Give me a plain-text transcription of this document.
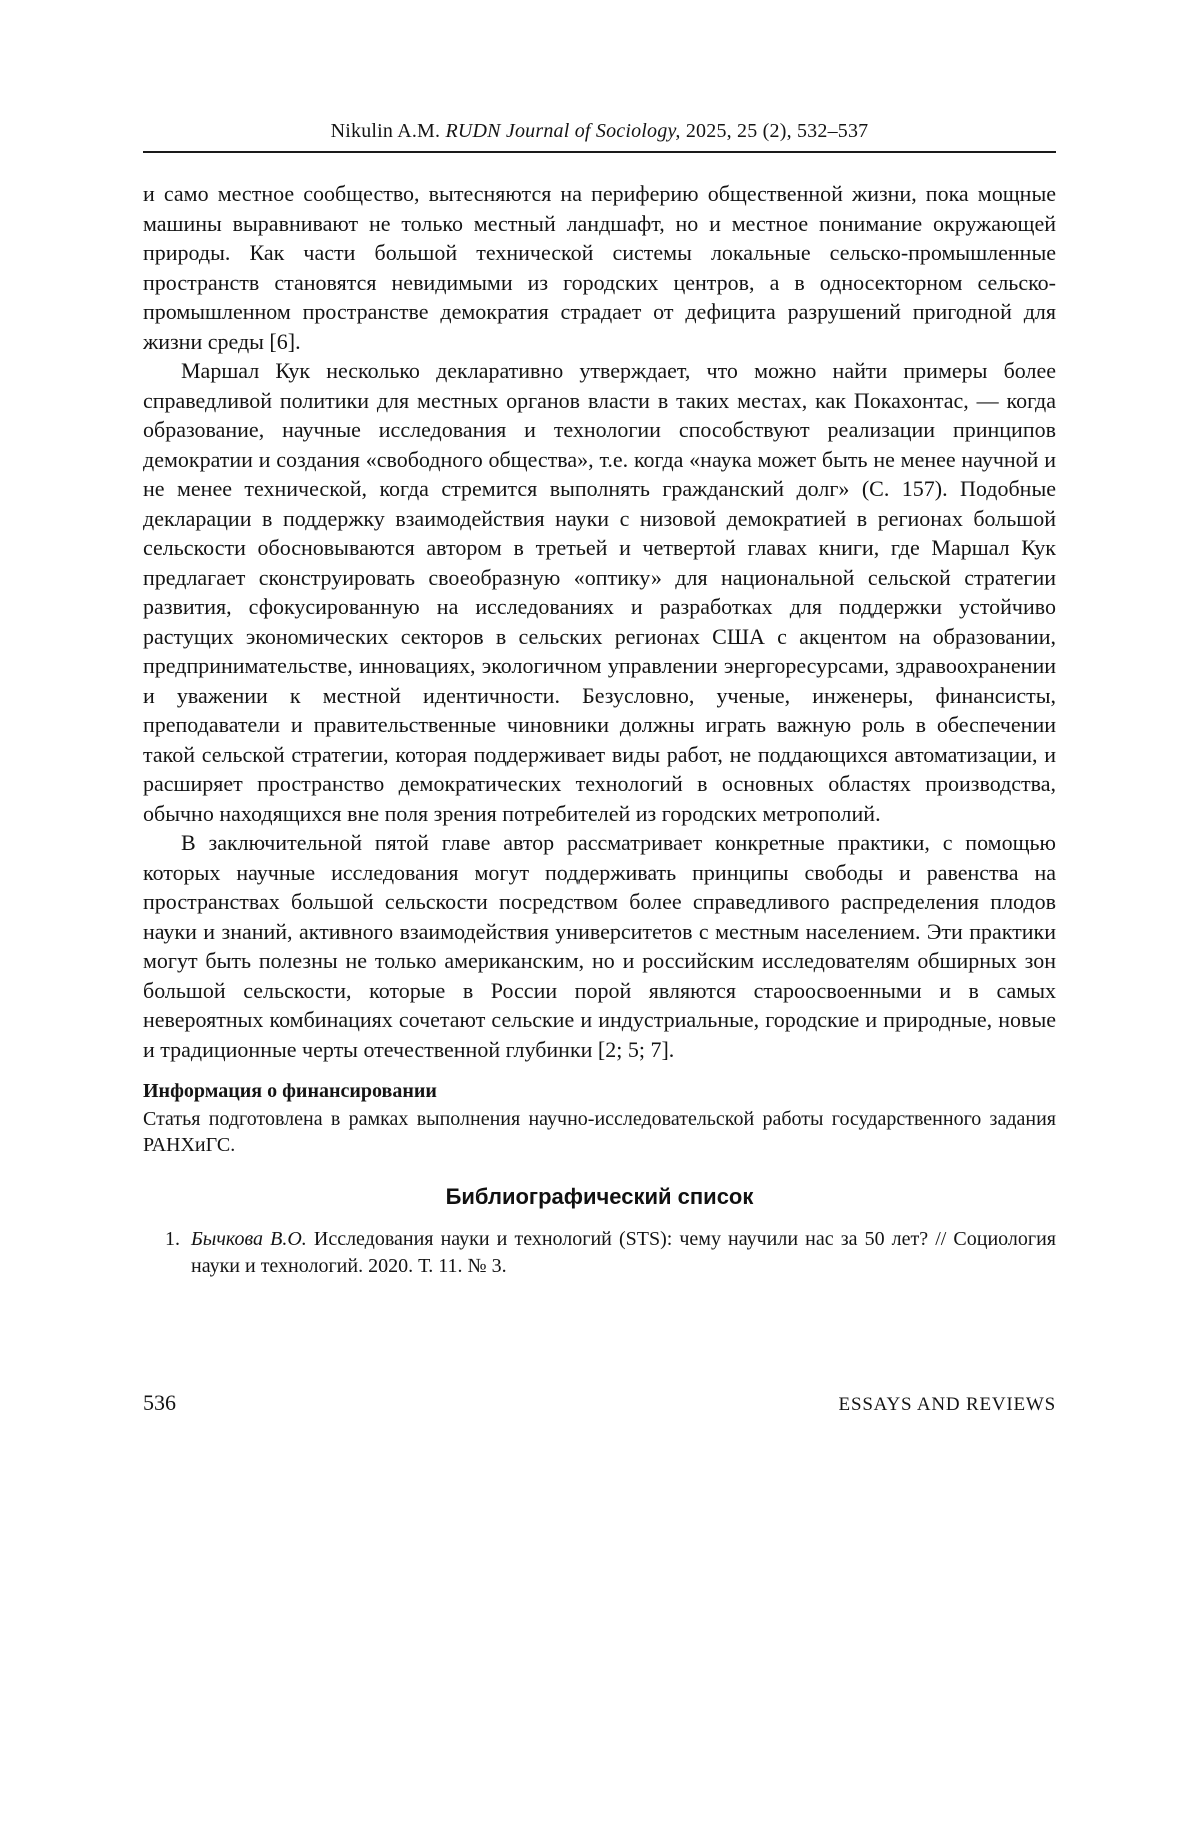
Nikulin A.M. RUDN Journal of Sociology, 2025, 25 (2), 532–537

и само местное сообщество, вытесняются на периферию общественной жизни, пока мощные машины выравнивают не только местный ландшафт, но и местное понимание окружающей природы. Как части большой технической системы локальные сельско-промышленные пространств становятся невидимыми из городских центров, а в односекторном сельско-промышленном пространстве демократия страдает от дефицита разрушений пригодной для жизни среды [6].

Маршал Кук несколько декларативно утверждает, что можно найти примеры более справедливой политики для местных органов власти в таких местах, как Покахонтас, — когда образование, научные исследования и технологии способствуют реализации принципов демократии и создания «свободного общества», т.е. когда «наука может быть не менее научной и не менее технической, когда стремится выполнять гражданский долг» (С. 157). Подобные декларации в поддержку взаимодействия науки с низовой демократией в регионах большой сельскости обосновываются автором в третьей и четвертой главах книги, где Маршал Кук предлагает сконструировать своеобразную «оптику» для национальной сельской стратегии развития, сфокусированную на исследованиях и разработках для поддержки устойчиво растущих экономических секторов в сельских регионах США с акцентом на образовании, предпринимательстве, инновациях, экологичном управлении энергоресурсами, здравоохранении и уважении к местной идентичности. Безусловно, ученые, инженеры, финансисты, преподаватели и правительственные чиновники должны играть важную роль в обеспечении такой сельской стратегии, которая поддерживает виды работ, не поддающихся автоматизации, и расширяет пространство демократических технологий в основных областях производства, обычно находящихся вне поля зрения потребителей из городских метрополий.

В заключительной пятой главе автор рассматривает конкретные практики, с помощью которых научные исследования могут поддерживать принципы свободы и равенства на пространствах большой сельскости посредством более справедливого распределения плодов науки и знаний, активного взаимодействия университетов с местным населением. Эти практики могут быть полезны не только американским, но и российским исследователям обширных зон большой сельскости, которые в России порой являются староосвоенными и в самых невероятных комбинациях сочетают сельские и индустриальные, городские и природные, новые и традиционные черты отечественной глубинки [2; 5; 7].

Информация о финансировании

Статья подготовлена в рамках выполнения научно-исследовательской работы государственного задания РАНХиГС.

Библиографический список

1. Бычкова В.О. Исследования науки и технологий (STS): чему научили нас за 50 лет? // Социология науки и технологий. 2020. Т. 11. № 3.

536	ESSAYS AND REVIEWS
